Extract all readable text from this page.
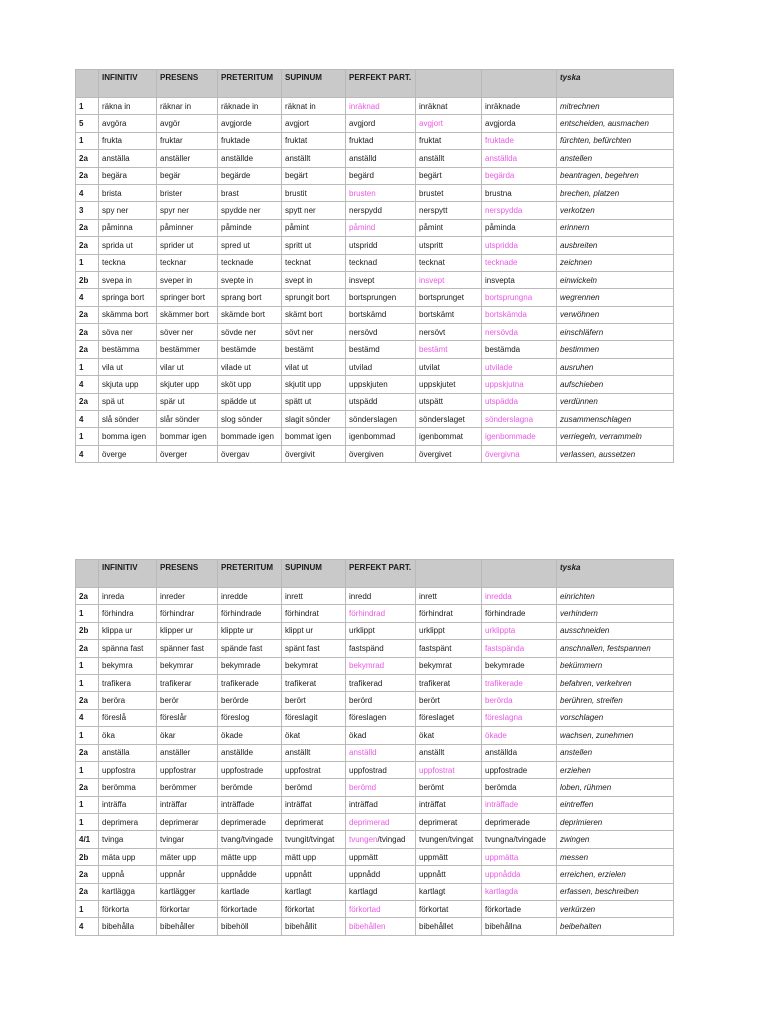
	INFINITIV	PRESENS	PRETERITUM	SUPINUM	PERFEKT PART.			tyska
1	räkna in	räknar in	räknade in	räknat in	inräknad	inräknat	inräknade	mitrechnen
5	avgöra	avgör	avgjorde	avgjort	avgjord	avgjort	avgjorda	entscheiden, ausmachen
1	frukta	fruktar	fruktade	fruktat	fruktad	fruktat	fruktade	fürchten, befürchten
2a	anställa	anställer	anställde	anställt	anställd	anställt	anställda	anstellen
2a	begära	begär	begärde	begärt	begärd	begärt	begärda	beantragen, begehren
4	brista	brister	brast	brustit	brusten	brustet	brustna	brechen, platzen
3	spy ner	spyr ner	spydde ner	spytt ner	nerspydd	nerspytt	nerspydda	verkotzen
2a	påminna	påminner	påminde	påmint	påmind	påmint	påminda	erinnern
2a	sprida ut	sprider ut	spred ut	spritt ut	utspridd	utspritt	utspridda	ausbreiten
1	teckna	tecknar	tecknade	tecknat	tecknad	tecknat	tecknade	zeichnen
2b	svepa in	sveper in	svepte in	svept in	insvept	insvept	insvepta	einwickeln
4	springa bort	springer bort	sprang bort	sprungit bort	bortsprungen	bortsprunget	bortsprungna	wegrennen
2a	skämma bort	skämmer bort	skämde bort	skämt bort	bortskämd	bortskämt	bortskämda	verwöhnen
2a	söva ner	söver ner	sövde ner	sövt ner	nersövd	nersövt	nersövda	einschläfern
2a	bestämma	bestämmer	bestämde	bestämt	bestämd	bestämt	bestämda	bestimmen
1	vila ut	vilar ut	vilade ut	vilat ut	utvilad	utvilat	utvilade	ausruhen
4	skjuta upp	skjuter upp	sköt upp	skjutit upp	uppskjuten	uppskjutet	uppskjutna	aufschieben
2a	spä ut	spär ut	spädde ut	spätt ut	utspädd	utspätt	utspädda	verdünnen
4	slå sönder	slår sönder	slog sönder	slagit sönder	sönderslagen	sönderslaget	sönderslagna	zusammenschlagen
1	bomma igen	bommar igen	bommade igen	bommat igen	igenbommad	igenbommat	igenbommade	verriegeln, verrammeln
4	överge	överger	övergav	övergivit	övergiven	övergivet	övergivna	verlassen, aussetzen
	INFINITIV	PRESENS	PRETERITUM	SUPINUM	PERFEKT PART.			tyska
2a	inreda	inreder	inredde	inrett	inredd	inrett	inredda	einrichten
1	förhindra	förhindrar	förhindrade	förhindrat	förhindrad	förhindrat	förhindrade	verhindern
2b	klippa ur	klipper ur	klippte ur	klippt ur	urklippt	urklippt	urklippta	ausschneiden
2a	spänna fast	spänner fast	spände fast	spänt fast	fastspänd	fastspänt	fastspända	anschnallen, festspannen
1	bekymra	bekymrar	bekymrade	bekymrat	bekymrad	bekymrat	bekymrade	bekümmern
1	trafikera	trafikerar	trafikerade	trafikerat	trafikerad	trafikerat	trafikerade	befahren, verkehren
2a	beröra	berör	berörde	berört	berörd	berört	berörda	berühren, streifen
4	föreslå	föreslår	föreslog	föreslagit	föreslagen	föreslaget	föreslagna	vorschlagen
1	öka	ökar	ökade	ökat	ökad	ökat	ökade	wachsen, zunehmen
2a	anställa	anställer	anställde	anställt	anställd	anställt	anställda	anstellen
1	uppfostra	uppfostrar	uppfostrade	uppfostrat	uppfostrad	uppfostrat	uppfostrade	erziehen
2a	berömma	berömmer	berömde	berömd	berömd	berömt	berömda	loben, rühmen
1	inträffa	inträffar	inträffade	inträffat	inträffad	inträffat	inträffade	eintreffen
1	deprimera	deprimerar	deprimerade	deprimerat	deprimerad	deprimerat	deprimerade	deprimieren
4/1	tvinga	tvingar	tvang/tvingade	tvungit/tvingat	tvungen/tvingad	tvungen/tvingat	tvungna/tvingade	zwingen
2b	mäta upp	mäter upp	mätte upp	mätt upp	uppmätt	uppmätt	uppmätta	messen
2a	uppnå	uppnår	uppnådde	uppnått	uppnådd	uppnått	uppnådda	erreichen, erzielen
2a	kartlägga	kartlägger	kartlade	kartlagt	kartlagd	kartlagt	kartlagda	erfassen, beschreiben
1	förkorta	förkortar	förkortade	förkortat	förkortad	förkortat	förkortade	verkürzen
4	bibehålla	bibehåller	bibehöll	bibehållit	bibehållen	bibehållet	bibehållna	beibehalten
